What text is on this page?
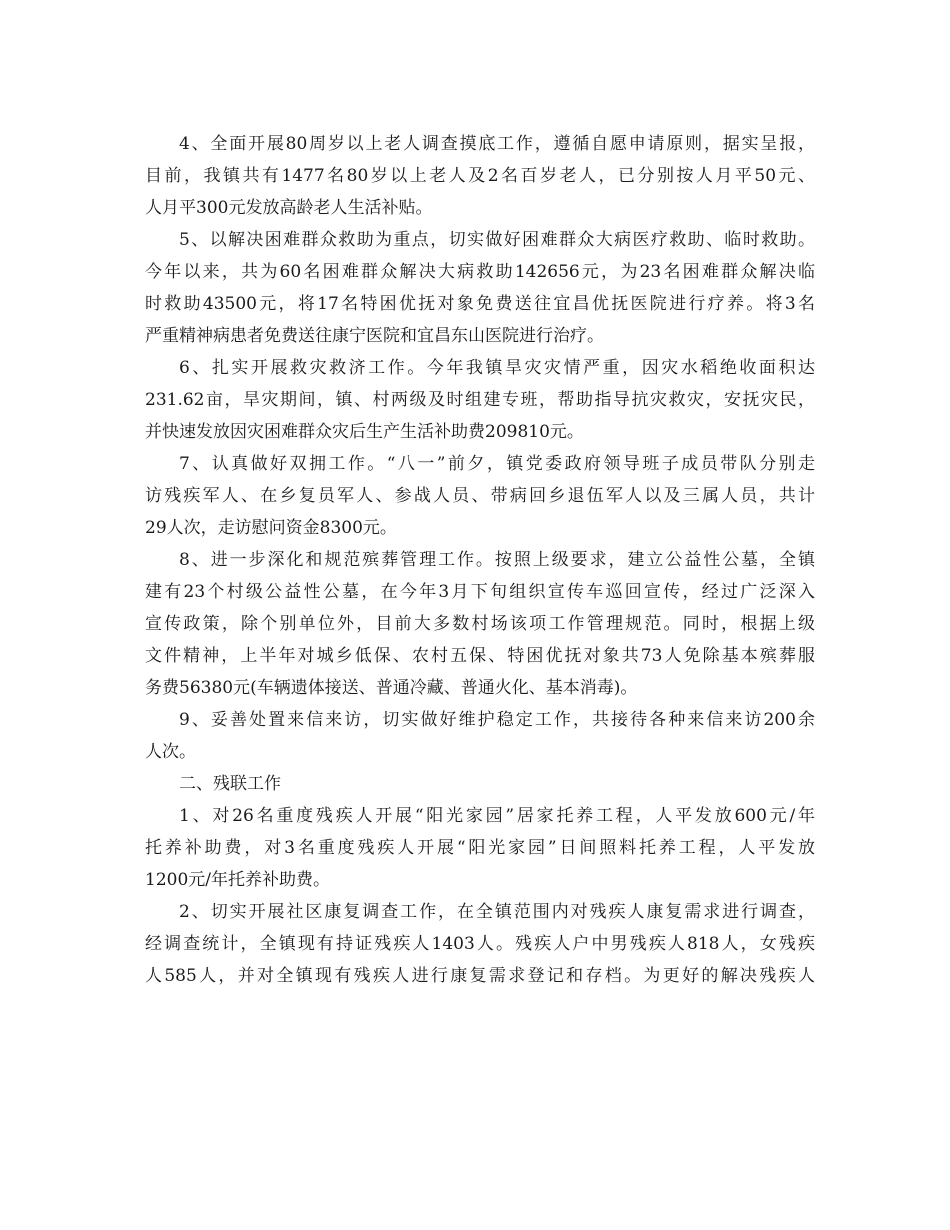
4、全面开展80周岁以上老人调查摸底工作，遵循自愿申请原则，据实呈报，
目前，我镇共有1477名80岁以上老人及2名百岁老人，已分别按人月平50元、
人月平300元发放高龄老人生活补贴。
5、以解决困难群众救助为重点，切实做好困难群众大病医疗救助、临时救助。
今年以来，共为60名困难群众解决大病救助142656元，为23名困难群众解决临
时救助43500元，将17名特困优抚对象免费送往宜昌优抚医院进行疗养。将3名
严重精神病患者免费送往康宁医院和宜昌东山医院进行治疗。
6、扎实开展救灾救济工作。今年我镇旱灾灾情严重，因灾水稻绝收面积达
231.62亩，旱灾期间，镇、村两级及时组建专班，帮助指导抗灾救灾，安抚灾民，
并快速发放因灾困难群众灾后生产生活补助费209810元。
7、认真做好双拥工作。“八一”前夕，镇党委政府领导班子成员带队分别走
访残疾军人、在乡复员军人、参战人员、带病回乡退伍军人以及三属人员，共计
29人次，走访慰问资金8300元。
8、进一步深化和规范殡葬管理工作。按照上级要求，建立公益性公墓，全镇
建有23个村级公益性公墓，在今年3月下旬组织宣传车巡回宣传，经过广泛深入
宣传政策，除个别单位外，目前大多数村场该项工作管理规范。同时，根据上级
文件精神，上半年对城乡低保、农村五保、特困优抚对象共73人免除基本殡葬服
务费56380元(车辆遗体接送、普通冷藏、普通火化、基本消毒)。
9、妥善处置来信来访，切实做好维护稳定工作，共接待各种来信来访200余
人次。
二、残联工作
1、对26名重度残疾人开展“阳光家园”居家托养工程，人平发放600元/年
托养补助费，对3名重度残疾人开展“阳光家园”日间照料托养工程，人平发放
1200元/年托养补助费。
2、切实开展社区康复调查工作，在全镇范围内对残疾人康复需求进行调查，
经调查统计，全镇现有持证残疾人1403人。残疾人户中男残疾人818人，女残疾
人585人，并对全镇现有残疾人进行康复需求登记和存档。为更好的解决残疾人
